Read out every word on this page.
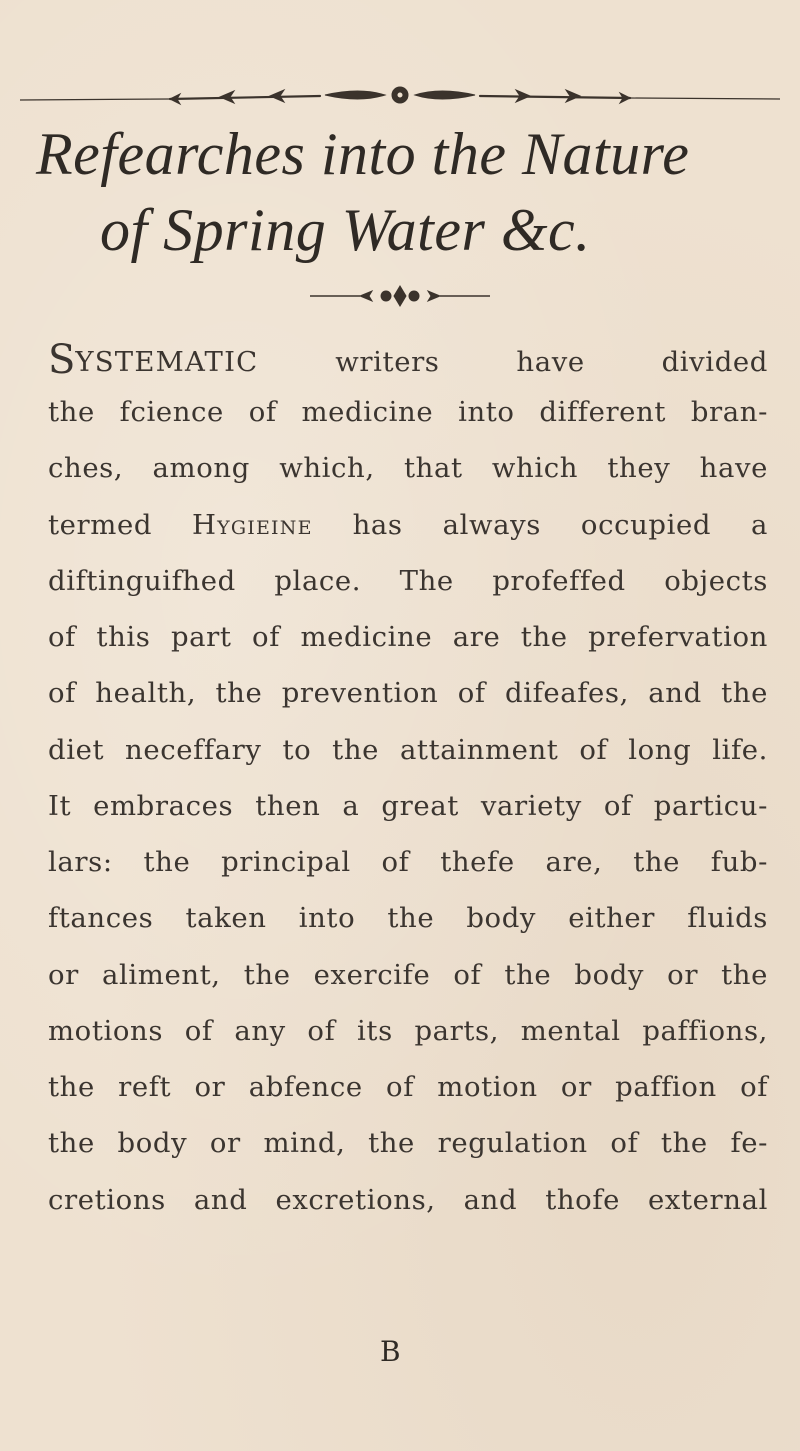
Refearches into the Nature
of Spring Water &c.
SYSTEMATIC writers have divided
the fcience of medicine into different bran-
ches, among which, that which they have
termed Hygieine has always occupied a
diftinguifhed place. The profeffed objects
of this part of medicine are the prefervation
of health, the prevention of difeafes, and the
diet neceffary to the attainment of long life.
It embraces then a great variety of particu-
lars: the principal of thefe are, the fub-
ftances taken into the body either fluids
or aliment, the exercife of the body or the
motions of any of its parts, mental paffions,
the reft or abfence of motion or paffion of
the body or mind, the regulation of the fe-
cretions and excretions, and thofe external
B
